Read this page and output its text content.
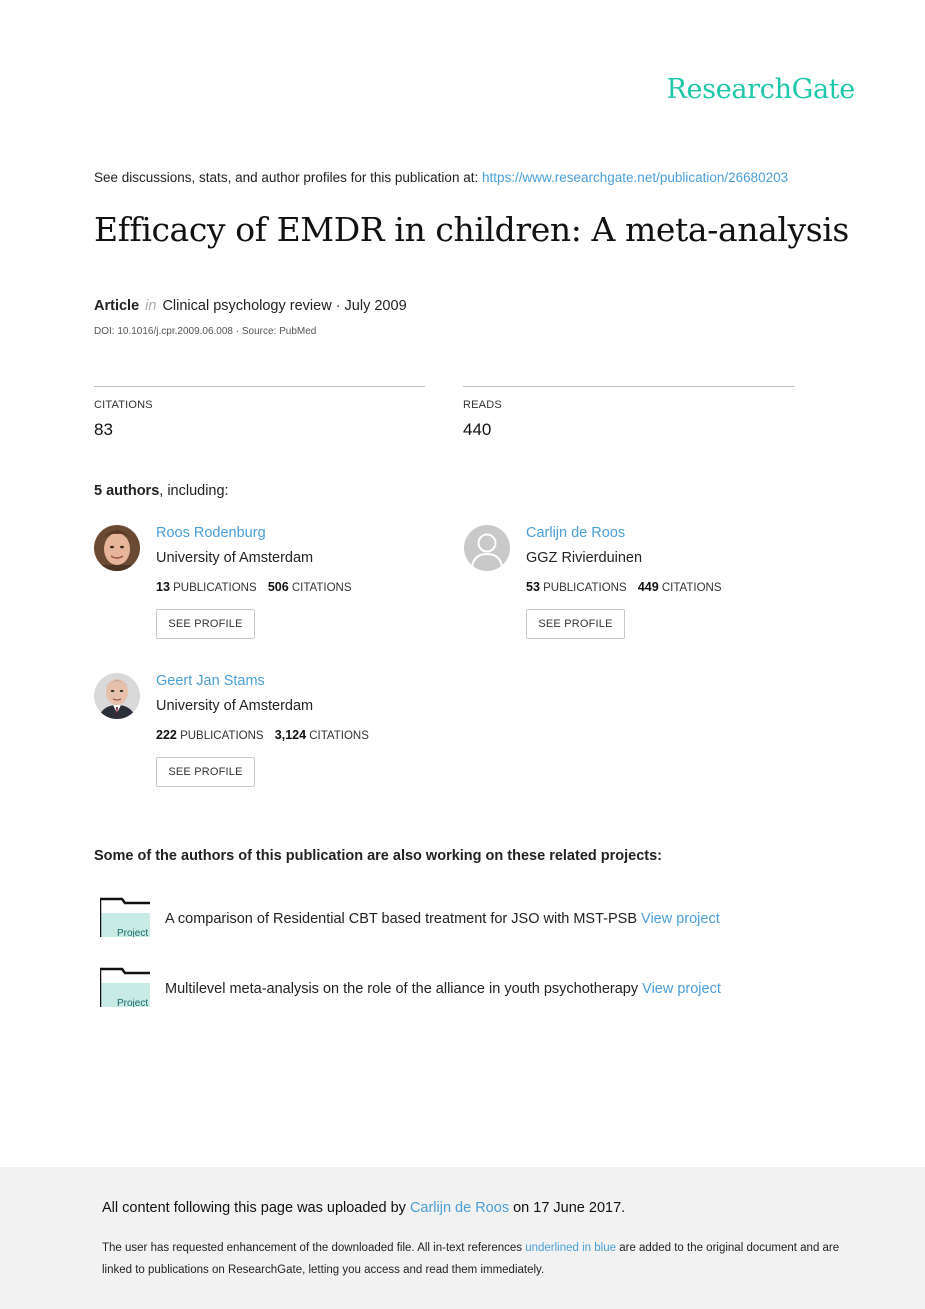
ResearchGate
See discussions, stats, and author profiles for this publication at: https://www.researchgate.net/publication/26680203
Efficacy of EMDR in children: A meta-analysis
Article in Clinical psychology review · July 2009
DOI: 10.1016/j.cpr.2009.06.008 · Source: PubMed
CITATIONS
83
READS
440
5 authors, including:
Roos Rodenburg
University of Amsterdam
13 PUBLICATIONS 506 CITATIONS
SEE PROFILE
Carlijn de Roos
GGZ Rivierduinen
53 PUBLICATIONS 449 CITATIONS
SEE PROFILE
Geert Jan Stams
University of Amsterdam
222 PUBLICATIONS 3,124 CITATIONS
SEE PROFILE
Some of the authors of this publication are also working on these related projects:
Project
A comparison of Residential CBT based treatment for JSO with MST-PSB View project
Project
Multilevel meta-analysis on the role of the alliance in youth psychotherapy View project
All content following this page was uploaded by Carlijn de Roos on 17 June 2017.
The user has requested enhancement of the downloaded file. All in-text references underlined in blue are added to the original document and are linked to publications on ResearchGate, letting you access and read them immediately.
